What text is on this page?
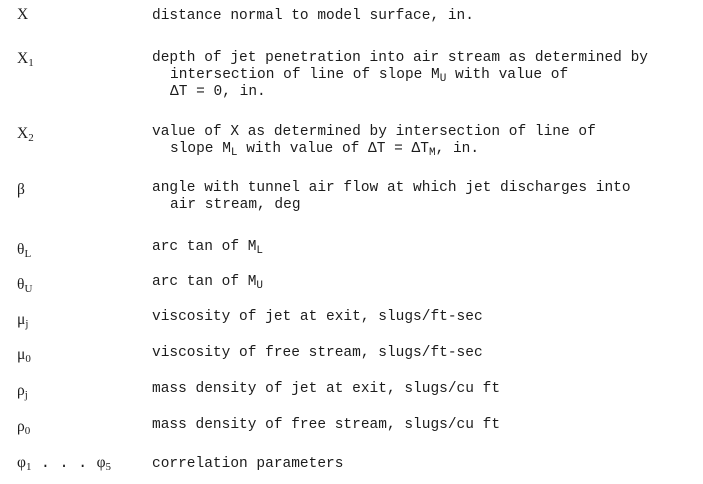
X	distance normal to model surface, in.
$X_1$	depth of jet penetration into air stream as determined by
intersection of line of slope $M_U$ with value of
ΔT = 0, in.
$X_2$	value of X as determined by intersection of line of
slope $M_L$ with value of $\Delta T = \Delta T_M$, in.
β	angle with tunnel air flow at which jet discharges into
air stream, deg
$\theta_L$	arc tan of $M_L$
$\theta_U$	arc tan of $M_U$
$\mu_j$	viscosity of jet at exit, slugs/ft-sec
$\mu_0$	viscosity of free stream, slugs/ft-sec
$\rho_j$	mass density of jet at exit, slugs/cu ft
$\rho_0$	mass density of free stream, slugs/cu ft
$\varphi_1$ . . . $\varphi_5$	correlation parameters
